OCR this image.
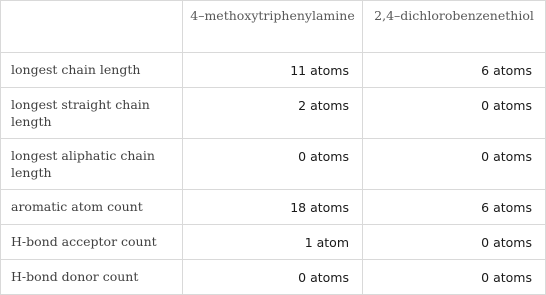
	4–methoxytriphenylamine	2,4–dichlorobenzenethiol
longest chain length	11 atoms	6 atoms
longest straight chain length	2 atoms	0 atoms
longest aliphatic chain length	0 atoms	0 atoms
aromatic atom count	18 atoms	6 atoms
H-bond acceptor count	1 atom	0 atoms
H-bond donor count	0 atoms	0 atoms
